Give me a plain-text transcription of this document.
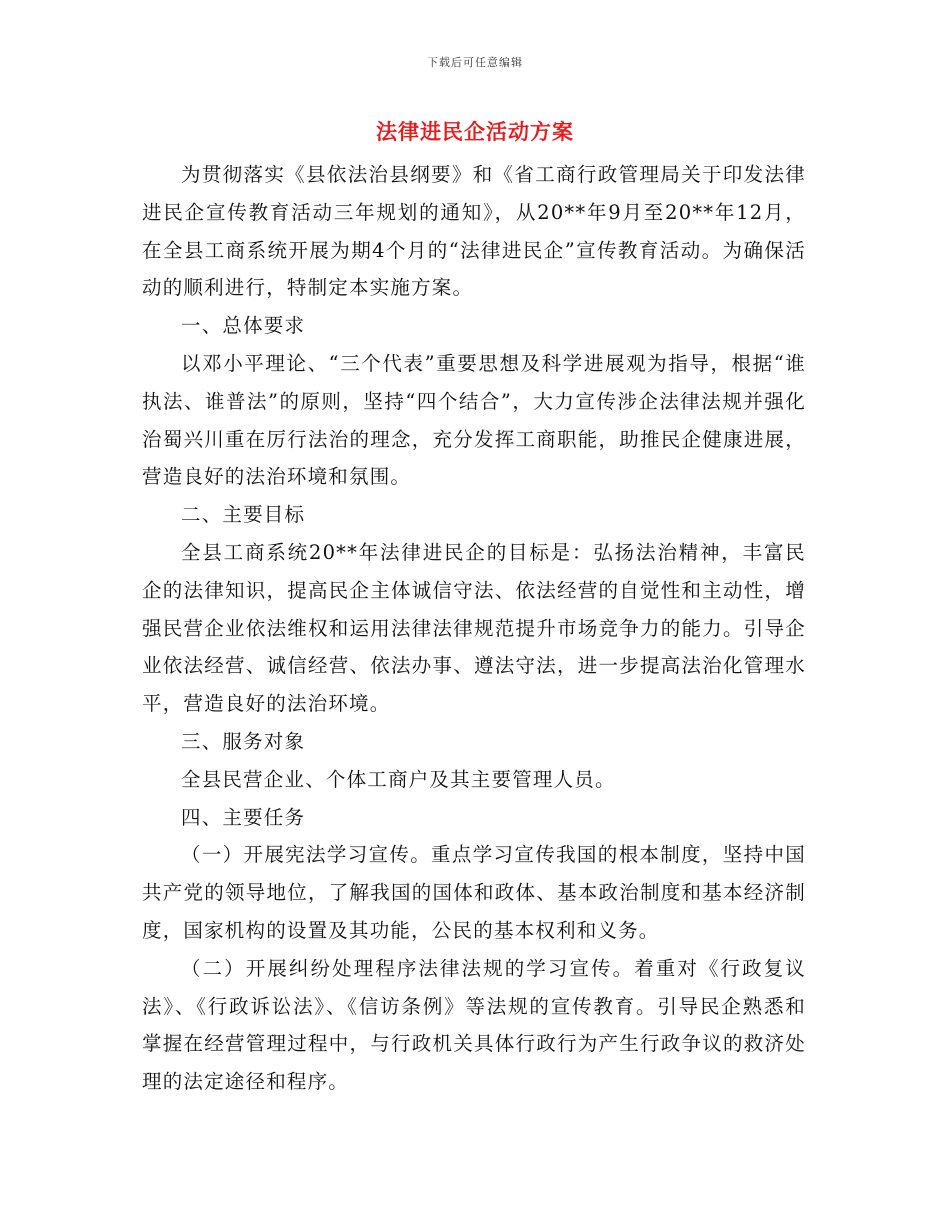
下载后可任意编辑
法律进民企活动方案

为贯彻落实《县依法治县纲要》和《省工商行政管理局关于印发法律进民企宣传教育活动三年规划的通知》，从20**年9月至20**年12月，在全县工商系统开展为期4个月的“法律进民企”宣传教育活动。为确保活动的顺利进行，特制定本实施方案。

一、总体要求

以邓小平理论、“三个代表”重要思想及科学进展观为指导，根据“谁执法、谁普法”的原则，坚持“四个结合”，大力宣传涉企法律法规并强化治蜀兴川重在厉行法治的理念，充分发挥工商职能，助推民企健康进展，营造良好的法治环境和氛围。

二、主要目标

全县工商系统20**年法律进民企的目标是：弘扬法治精神，丰富民企的法律知识，提高民企主体诚信守法、依法经营的自觉性和主动性，增强民营企业依法维权和运用法律法律规范提升市场竞争力的能力。引导企业依法经营、诚信经营、依法办事、遵法守法，进一步提高法治化管理水平，营造良好的法治环境。

三、服务对象

全县民营企业、个体工商户及其主要管理人员。

四、主要任务

（一）开展宪法学习宣传。重点学习宣传我国的根本制度，坚持中国共产党的领导地位，了解我国的国体和政体、基本政治制度和基本经济制度，国家机构的设置及其功能，公民的基本权利和义务。

（二）开展纠纷处理程序法律法规的学习宣传。着重对《行政复议法》、《行政诉讼法》、《信访条例》等法规的宣传教育。引导民企熟悉和掌握在经营管理过程中，与行政机关具体行政行为产生行政争议的救济处理的法定途径和程序。
